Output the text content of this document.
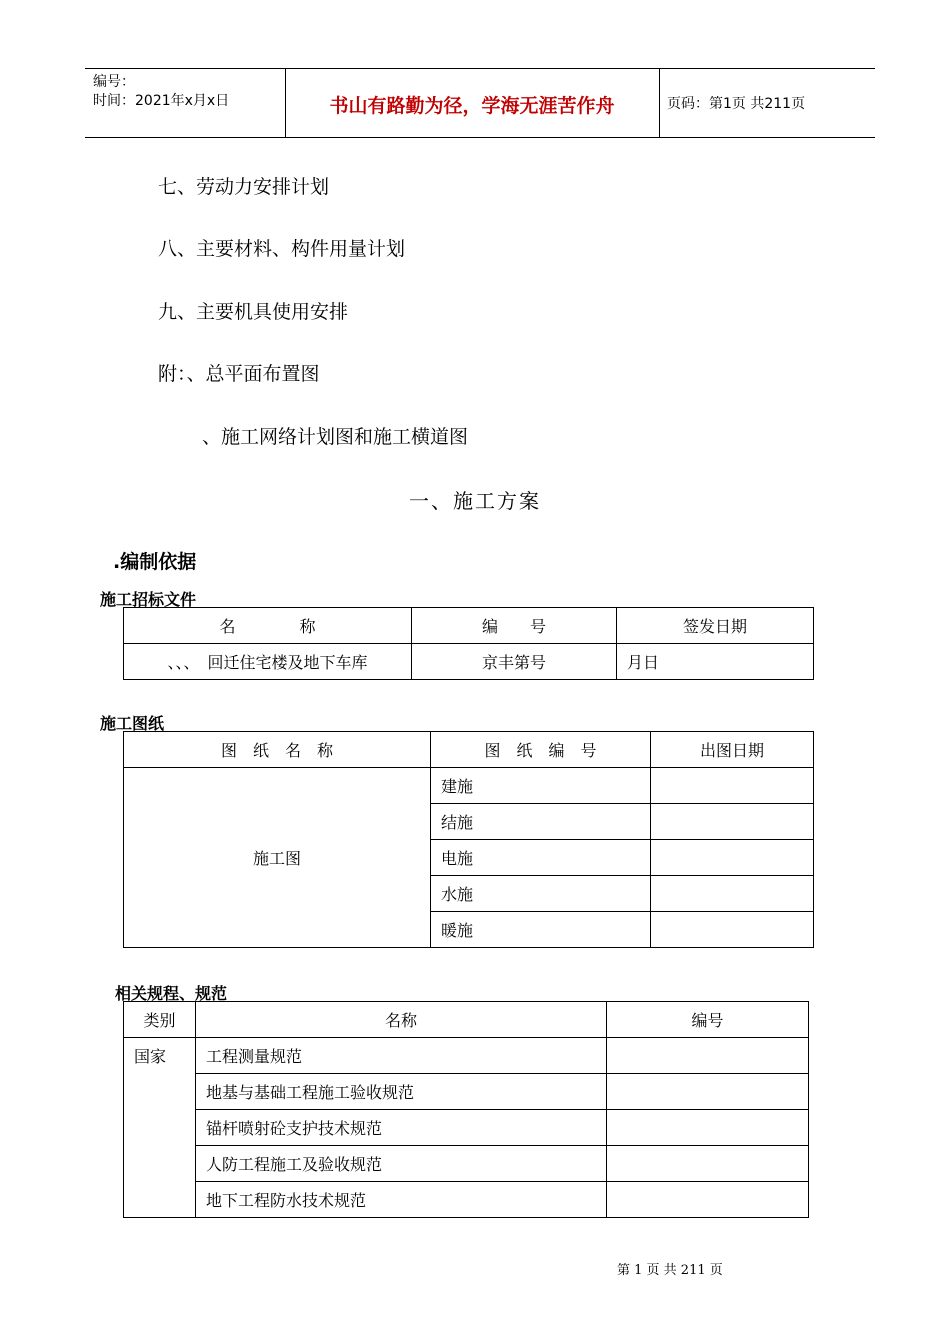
编号：
时间：2021年x月x日	书山有路勤为径，学海无涯苦作舟	页码：第1页 共211页
七、劳动力安排计划
八、主要材料、构件用量计划
九、主要机具使用安排
附：、总平面布置图
、施工网络计划图和施工横道图
一、施工方案
.编制依据
施工招标文件
名　　　　称	编　　号	签发日期
、、、　回迁住宅楼及地下车库	京丰第号	月日
施工图纸
图　纸　名　称	图　纸　编　号	出图日期
施工图	建施	
	结施	
	电施	
	水施	
	暖施	
相关规程、规范
类别	名称	编号
国家	工程测量规范	
	地基与基础工程施工验收规范	
	锚杆喷射砼支护技术规范	
	人防工程施工及验收规范	
	地下工程防水技术规范	
第 1 页 共 211 页
